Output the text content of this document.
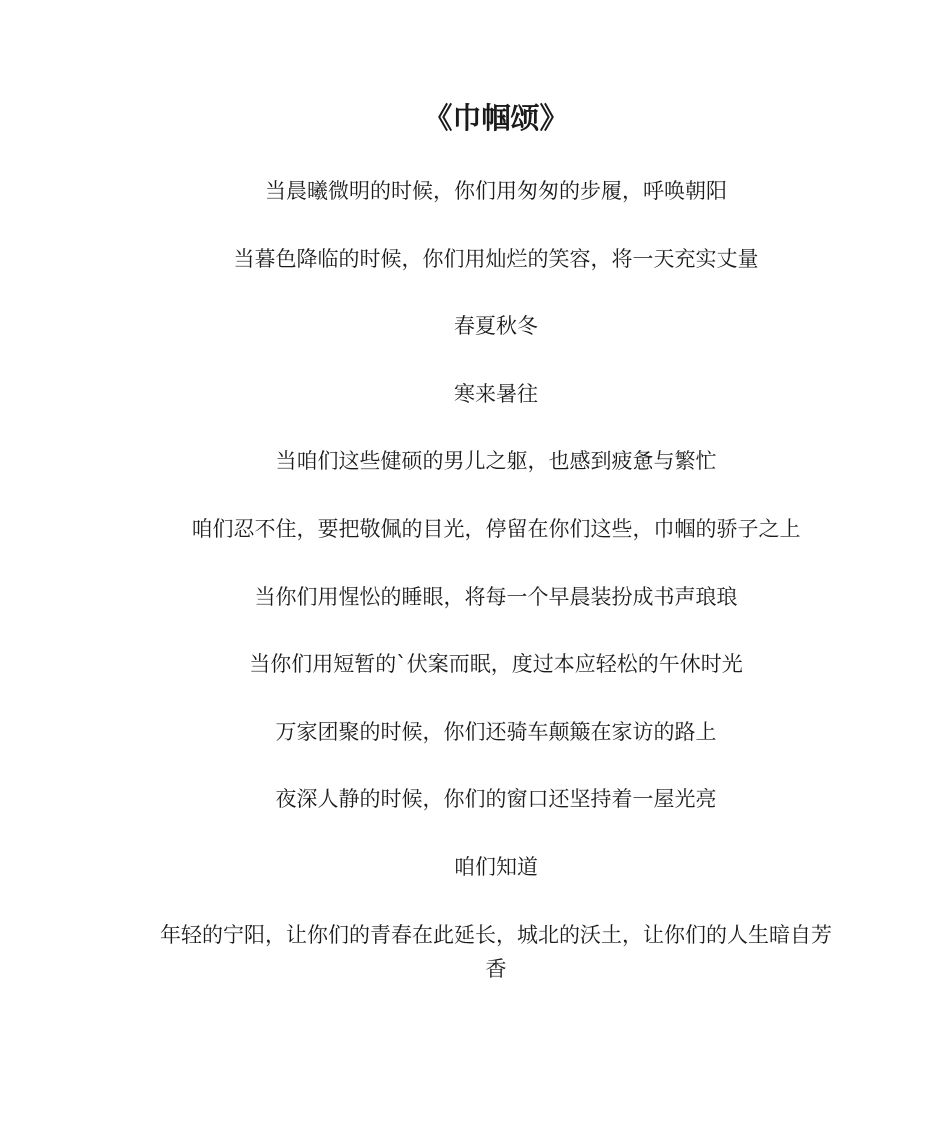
《巾帼颂》

当晨曦微明的时候，你们用匆匆的步履，呼唤朝阳

当暮色降临的时候，你们用灿烂的笑容，将一天充实丈量

春夏秋冬

寒来暑往

当咱们这些健硕的男儿之躯，也感到疲惫与繁忙

咱们忍不住，要把敬佩的目光，停留在你们这些，巾帼的骄子之上

当你们用惺忪的睡眼，将每一个早晨装扮成书声琅琅

当你们用短暂的`伏案而眠，度过本应轻松的午休时光

万家团聚的时候，你们还骑车颠簸在家访的路上

夜深人静的时候，你们的窗口还坚持着一屋光亮

咱们知道

年轻的宁阳，让你们的青春在此延长，城北的沃土，让你们的人生暗自芳香
